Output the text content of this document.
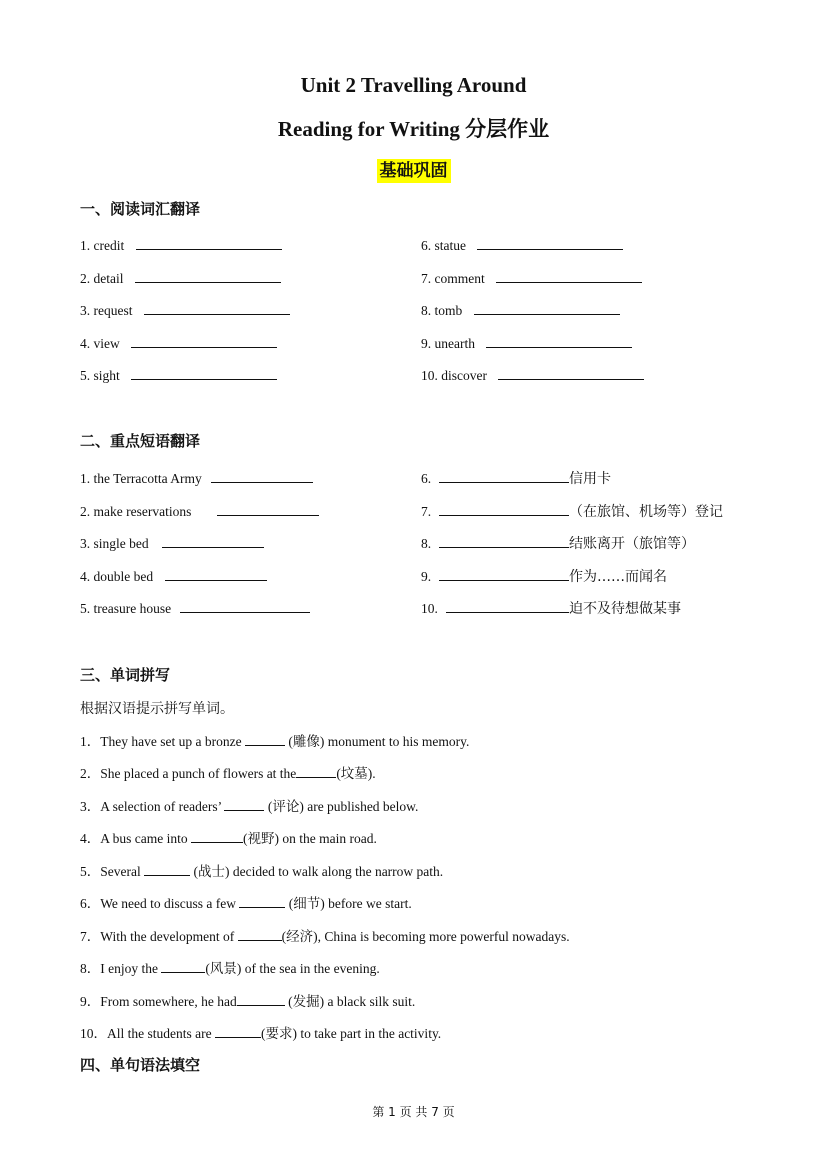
Unit 2 Travelling Around
Reading for Writing 分层作业
基础巩固
一、阅读词汇翻译
1. credit
2. detail
3. request
4. view
5. sight
6. statue
7. comment
8. tomb
9. unearth
10. discover
二、重点短语翻译
1. the Terracotta Army
2. make reservations
3. single bed
4. double bed
5. treasure house
6.	信用卡
7.	（在旅馆、机场等）登记
8.	结账离开（旅馆等）
9.	作为……而闻名
10.	迫不及待想做某事
三、单词拼写
根据汉语提示拼写单词。
1．They have set up a bronze	(雕像) monument to his memory.
2．She placed a punch of flowers at the	(坟墓).
3．A selection of readers’	(评论) are published below.
4．A bus came into	(视野) on the main road.
5．Several	(战士) decided to walk along the narrow path.
6．We need to discuss a few	(细节) before we start.
7．With the development of	(经济), China is becoming more powerful nowadays.
8．I enjoy the	(风景) of the sea in the evening.
9．From somewhere, he had	(发掘) a black silk suit.
10．All the students are	(要求) to take part in the activity.
四、单句语法填空
第 1 页 共 7 页
